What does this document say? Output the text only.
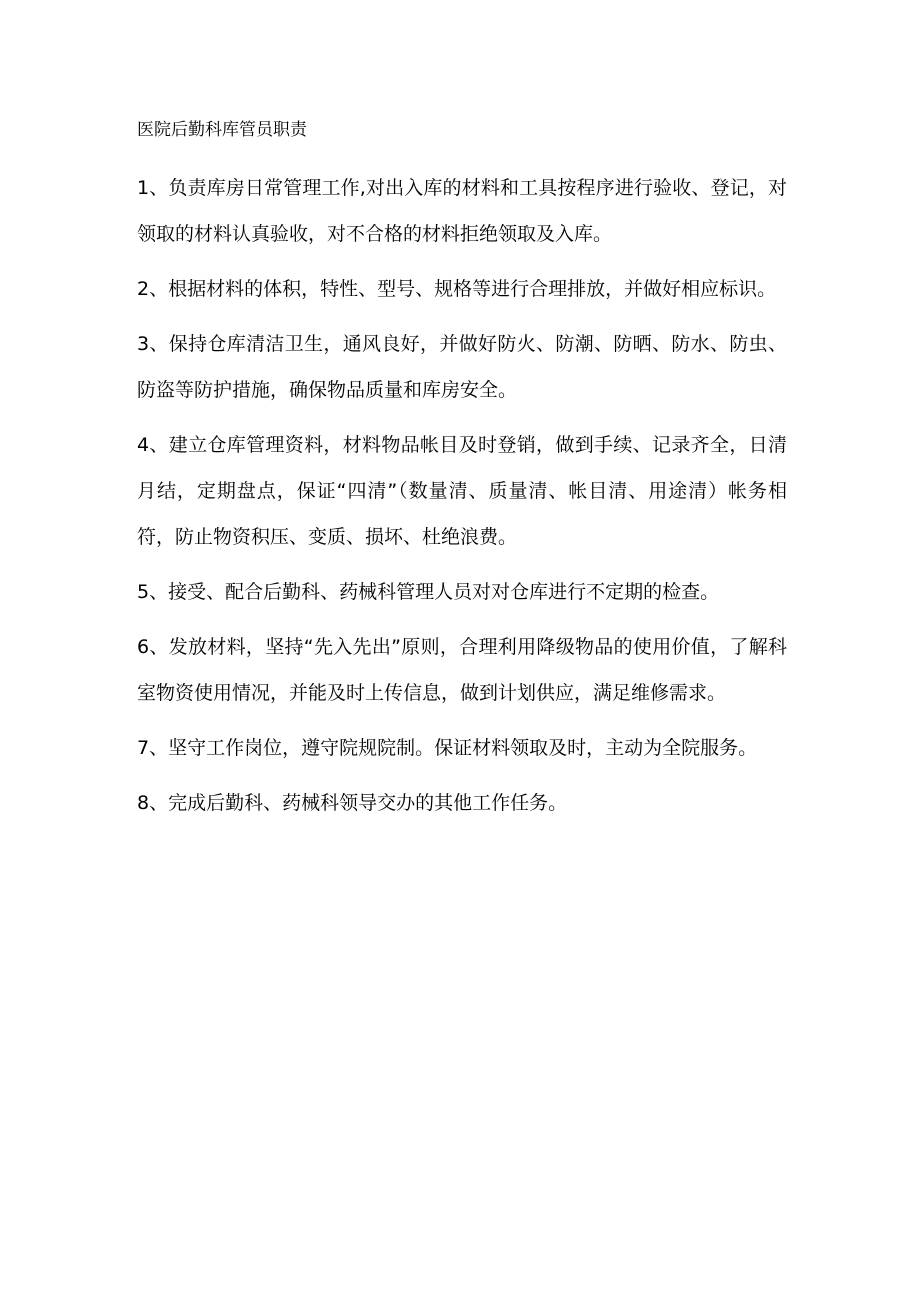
医院后勤科库管员职责

1、负责库房日常管理工作,对出入库的材料和工具按程序进行验收、登记，对领取的材料认真验收，对不合格的材料拒绝领取及入库。

2、根据材料的体积，特性、型号、规格等进行合理排放，并做好相应标识。

3、保持仓库清洁卫生，通风良好，并做好防火、防潮、防晒、防水、防虫、防盗等防护措施，确保物品质量和库房安全。

4、建立仓库管理资料，材料物品帐目及时登销，做到手续、记录齐全，日清月结，定期盘点，保证“四清”（数量清、质量清、帐目清、用途清）帐务相符，防止物资积压、变质、损坏、杜绝浪费。

5、接受、配合后勤科、药械科管理人员对对仓库进行不定期的检查。

6、发放材料，坚持“先入先出”原则，合理利用降级物品的使用价值，了解科室物资使用情况，并能及时上传信息，做到计划供应，满足维修需求。

7、坚守工作岗位，遵守院规院制。保证材料领取及时，主动为全院服务。

8、完成后勤科、药械科领导交办的其他工作任务。
